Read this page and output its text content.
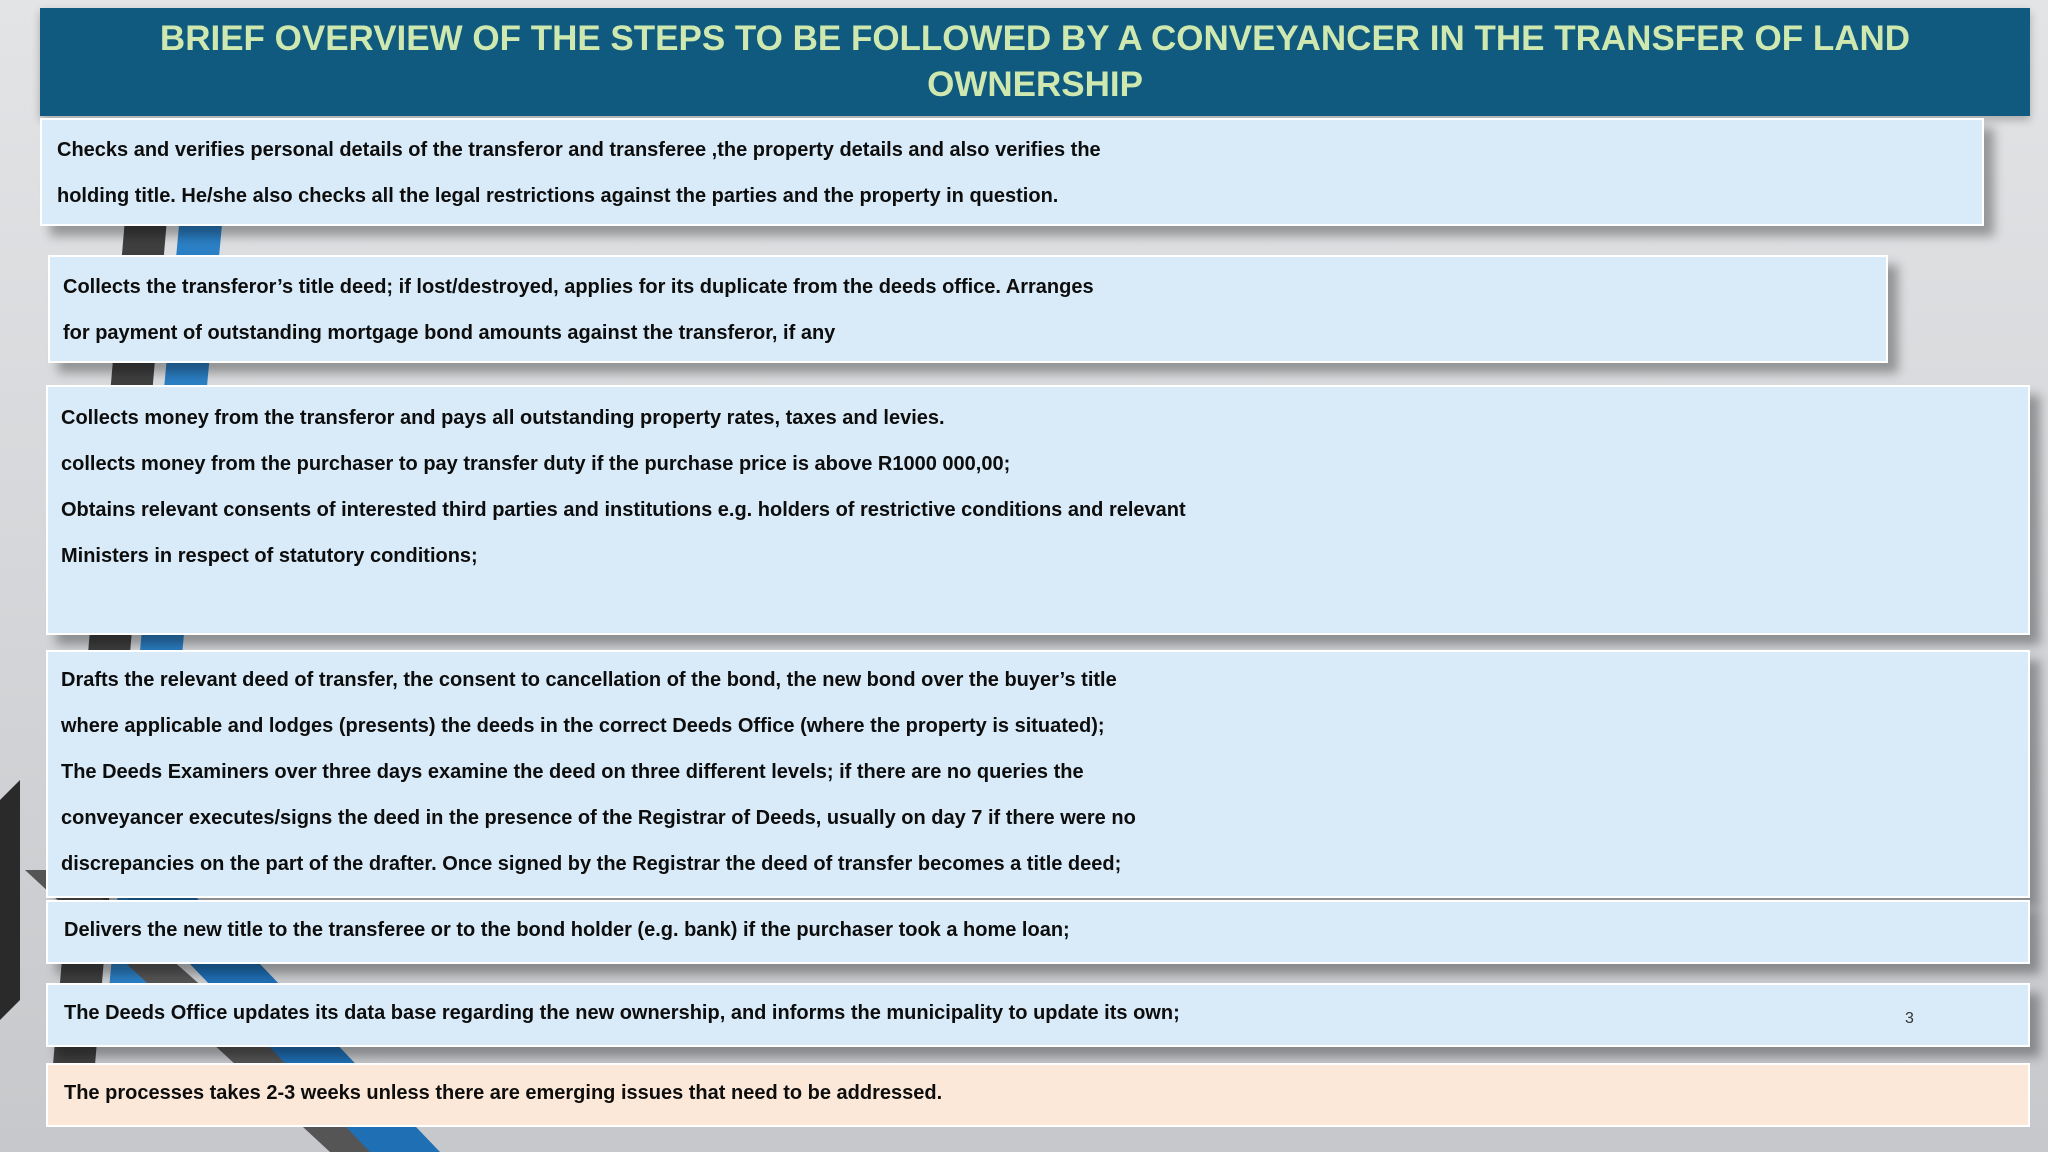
BRIEF OVERVIEW OF THE STEPS TO BE FOLLOWED BY A CONVEYANCER IN THE TRANSFER OF LAND OWNERSHIP
Checks and verifies personal details of the transferor and transferee ,the property details and also verifies the
holding title. He/she also checks all the legal restrictions against the parties and the property in question.
Collects the transferor’s title deed; if lost/destroyed, applies for its duplicate from the deeds office. Arranges
for payment of outstanding mortgage bond amounts against the transferor, if any
Collects money from the transferor and pays all outstanding property rates, taxes and levies.
collects money from the purchaser to pay transfer duty if the purchase price is above R1000 000,00;
Obtains relevant consents of interested third parties and institutions e.g. holders of restrictive conditions and relevant
Ministers in respect of statutory conditions;
Drafts the relevant deed of transfer, the consent to cancellation of the bond, the new bond over the buyer’s title
where applicable and lodges (presents) the deeds in the correct Deeds Office (where the property is situated);
The Deeds Examiners over three days examine the deed on three different levels; if there are no queries the
conveyancer executes/signs the deed in the presence of the Registrar of Deeds, usually on day 7 if there were no
discrepancies on the part of the drafter. Once signed by the Registrar the deed of transfer becomes a title deed;
Delivers the new title to the transferee or to the bond holder (e.g. bank) if the purchaser took a home loan;
The Deeds Office updates its data base regarding the new ownership, and informs the municipality to update its own;	3
The processes takes 2-3 weeks unless there are emerging issues that need to be addressed.
